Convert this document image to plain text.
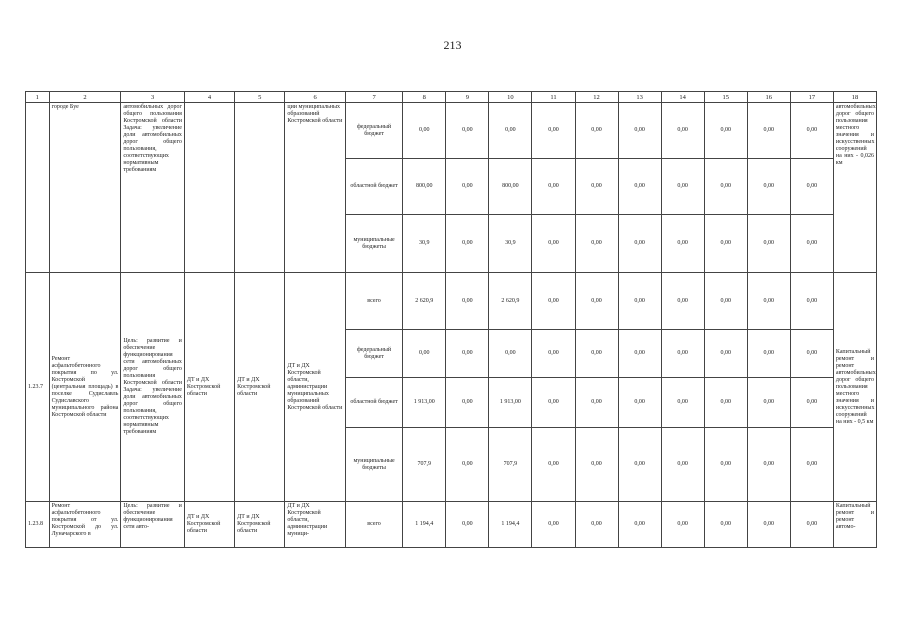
213
1	2	3	4	5	6	7	8	9	10	11	12	13	14	15	16	17	18
	городе Буе	автомобильных дорог общего пользования Костромской области Задача: увеличение доли автомобильных дорог общего пользования, соответствующих нормативным требованиям			ции муниципальных образований Костромской области	федеральный бюджет	0,00	0,00	0,00	0,00	0,00	0,00	0,00	0,00	0,00	0,00	автомобильных дорог общего пользования местного значения и искусственных сооружений на них - 0,026 км
						областной бюджет	800,00	0,00	800,00	0,00	0,00	0,00	0,00	0,00	0,00	0,00	
						муниципальные бюджеты	30,9	0,00	30,9	0,00	0,00	0,00	0,00	0,00	0,00	0,00	
1.23.7	Ремонт асфальтобетонного покрытия по ул. Костромской (центральная площадь) в поселке Судиславль Судиславского муниципального района Костромской области	Цель: развитие и обеспечение функционирования сети автомобильных дорог общего пользования Костромской области Задача: увеличение доли автомобильных дорог общего пользования, соответствующих нормативным требованиям	ДТ и ДХ Костромской области	ДТ и ДХ Костромской области	ДТ и ДХ Костромской области, администрации муниципальных образований Костромской области	всего	2 620,9	0,00	2 620,9	0,00	0,00	0,00	0,00	0,00	0,00	0,00	Капитальный ремонт и ремонт автомобильных дорог общего пользования местного значения и искусственных сооружений на них - 0,5 км
						федеральный бюджет	0,00	0,00	0,00	0,00	0,00	0,00	0,00	0,00	0,00	0,00	
						областной бюджет	1 913,00	0,00	1 913,00	0,00	0,00	0,00	0,00	0,00	0,00	0,00	
						муниципальные бюджеты	707,9	0,00	707,9	0,00	0,00	0,00	0,00	0,00	0,00	0,00	
1.23.8	Ремонт асфальтобетонного покрытия от ул. Костромской до ул. Луначарского в	Цель: развитие и обеспечение функционирования сети авто-	ДТ и ДХ Костромской области	ДТ и ДХ Костромской области	ДТ и ДХ Костромской области, администрации муници-	всего	1 194,4	0,00	1 194,4	0,00	0,00	0,00	0,00	0,00	0,00	0,00	Капитальный ремонт и ремонт автомо-
